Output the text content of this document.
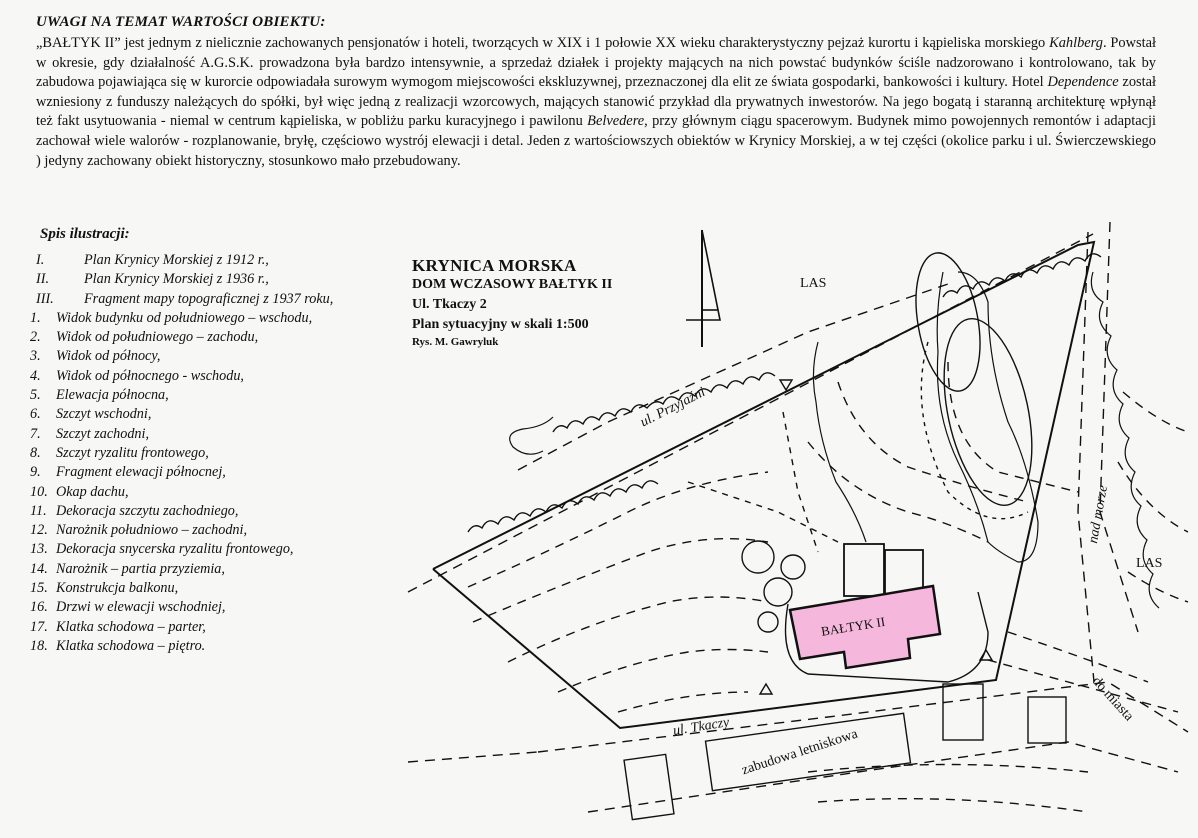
UWAGI NA TEMAT WARTOŚCI OBIEKTU:
„BAŁTYK II” jest jednym z nielicznie zachowanych pensjonatów i hoteli, tworzących w XIX i 1 połowie XX wieku charakterystyczny pejzaż kurortu i kąpieliska morskiego Kahlberg. Powstał w okresie, gdy działalność A.G.S.K. prowadzona była bardzo intensywnie, a sprzedaż działek i projekty mających na nich powstać budynków ściśle nadzorowano i kontrolowano, tak by zabudowa pojawiająca się w kurorcie odpowiadała surowym wymogom miejscowości ekskluzywnej, przeznaczonej dla elit ze świata gospodarki, bankowości i kultury. Hotel Dependence został wzniesiony z funduszy należących do spółki, był więc jedną z realizacji wzorcowych, mających stanowić przykład dla prywatnych inwestorów. Na jego bogatą i staranną architekturę wpłynął też fakt usytuowania - niemal w centrum kąpieliska, w pobliżu parku kuracyjnego i pawilonu Belvedere, przy głównym ciągu spacerowym. Budynek mimo powojennych remontów i adaptacji zachował wiele walorów - rozplanowanie, bryłę, częściowo wystrój elewacji i detal. Jeden z wartościowszych obiektów w Krynicy Morskiej, a w tej części (okolice parku i ul. Świerczewskiego ) jedyny zachowany obiekt historyczny, stosunkowo mało przebudowany.
Spis ilustracji:
I.	Plan Krynicy Morskiej z 1912 r.,
II.	Plan Krynicy Morskiej z 1936 r.,
III.	Fragment mapy topograficznej z 1937 roku,
1.	Widok budynku od południowego – wschodu,
2.	Widok od południowego – zachodu,
3.	Widok od północy,
4.	Widok od północnego - wschodu,
5.	Elewacja północna,
6.	Szczyt wschodni,
7.	Szczyt zachodni,
8.	Szczyt ryzalitu frontowego,
9.	Fragment elewacji północnej,
10. Okap dachu,
11. Dekoracja szczytu zachodniego,
12. Narożnik południowo – zachodni,
13. Dekoracja snycerska ryzalitu frontowego,
14. Narożnik – partia przyziemia,
15. Konstrukcja balkonu,
16. Drzwi w elewacji wschodniej,
17. Klatka schodowa – parter,
18. Klatka schodowa – piętro.
KRYNICA MORSKA
DOM WCZASOWY BAŁTYK II
Ul. Tkaczy 2
Plan sytuacyjny w skali 1:500
Rys. M. Gawryluk
LAS
LAS
ul. Przyjaźni
nad morze
ul. Tkaczy
do miasta
zabudowa letniskowa
BAŁTYK II
